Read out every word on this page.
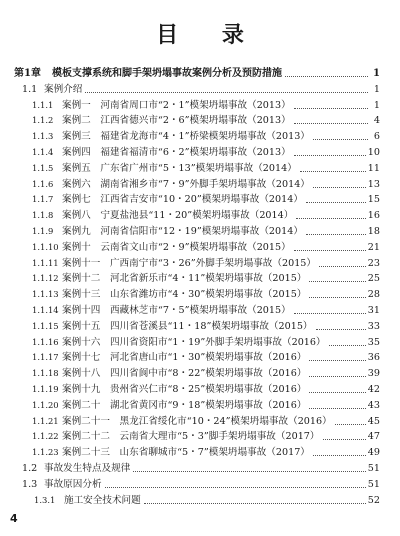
目 录
第1章	模板支撑系统和脚手架坍塌事故案例分析及预防措施	1
1.1 案例介绍	1
1.1.1 案例一　河南省周口市“2・1”模架坍塌事故（2013）	1
1.1.2 案例二　江西省德兴市“2・6”模架坍塌事故（2013）	4
1.1.3 案例三　福建省龙海市“4・1”桥梁模架坍塌事故（2013）	6
1.1.4 案例四　福建省福清市“6・2”模架坍塌事故（2013）	10
1.1.5 案例五　广东省广州市“5・13”模架坍塌事故（2014）	11
1.1.6 案例六　湖南省湘乡市“7・9”外脚手架坍塌事故（2014）	13
1.1.7 案例七　江西省吉安市“10・20”模架坍塌事故（2014）	15
1.1.8 案例八　宁夏盐池县“11・20”模架坍塌事故（2014）	16
1.1.9 案例九　河南省信阳市“12・19”模架坍塌事故（2014）	18
1.1.10 案例十　云南省文山市“2・9”模架坍塌事故（2015）	21
1.1.11 案例十一　广西南宁市“3・26”外脚手架坍塌事故（2015）	23
1.1.12 案例十二　河北省新乐市“4・11”模架坍塌事故（2015）	25
1.1.13 案例十三　山东省潍坊市“4・30”模架坍塌事故（2015）	28
1.1.14 案例十四　西藏林芝市“7・5”模架坍塌事故（2015）	31
1.1.15 案例十五　四川省苍溪县“11・18”模架坍塌事故（2015）	33
1.1.16 案例十六　四川省资阳市“1・19”外脚手架坍塌事故（2016）	35
1.1.17 案例十七　河北省唐山市“1・30”模架坍塌事故（2016）	36
1.1.18 案例十八　四川省阆中市“8・22”模架坍塌事故（2016）	39
1.1.19 案例十九　贵州省兴仁市“8・25”模架坍塌事故（2016）	42
1.1.20 案例二十　湖北省黄冈市“9・18”模架坍塌事故（2016）	43
1.1.21 案例二十一　黑龙江省绥化市“10・24”模架坍塌事故（2016）	45
1.1.22 案例二十二　云南省大理市“5・3”脚手架坍塌事故（2017）	47
1.1.23 案例二十三　山东省聊城市“5・7”模架坍塌事故（2017）	49
1.2 事故发生特点及规律	51
1.3 事故原因分析	51
1.3.1 施工安全技术问题	52
4
